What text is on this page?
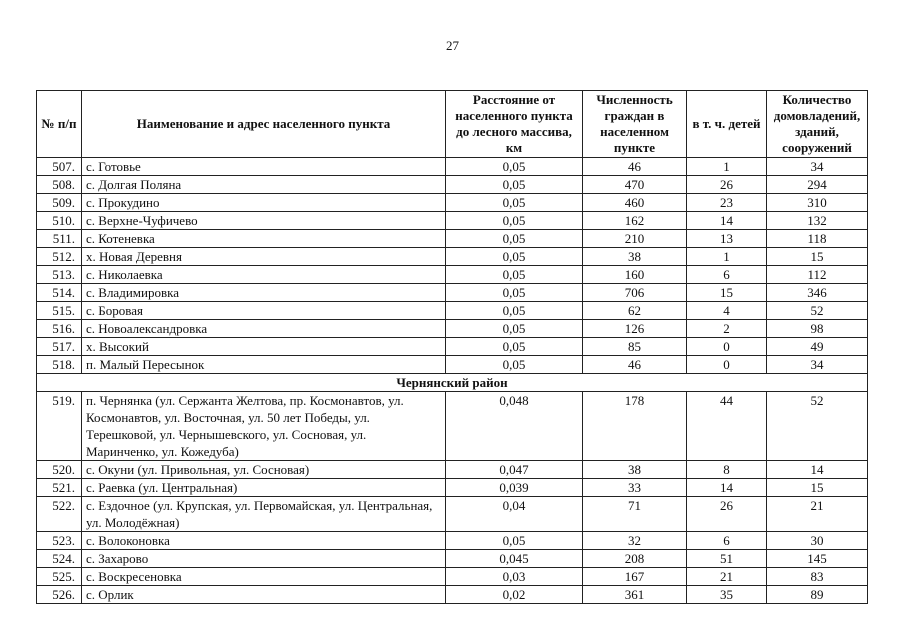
27
№ п/п	Наименование и адрес населенного пункта	Расстояние от населенного пункта до лесного массива, км	Численность граждан в населенном пункте	в т. ч. детей	Количество домовладений, зданий, сооружений
507.	с. Готовье	0,05	46	1	34
508.	с. Долгая Поляна	0,05	470	26	294
509.	с. Прокудино	0,05	460	23	310
510.	с. Верхне-Чуфичево	0,05	162	14	132
511.	с. Котеневка	0,05	210	13	118
512.	х. Новая Деревня	0,05	38	1	15
513.	с. Николаевка	0,05	160	6	112
514.	с. Владимировка	0,05	706	15	346
515.	с. Боровая	0,05	62	4	52
516.	с. Новоалександровка	0,05	126	2	98
517.	х. Высокий	0,05	85	0	49
518.	п. Малый Пересынок	0,05	46	0	34
Чернянский район					
519.	п. Чернянка (ул. Сержанта Желтова, пр. Космонавтов, ул. Космонавтов, ул. Восточная, ул. 50 лет Победы, ул. Терешковой, ул. Чернышевского, ул. Сосновая, ул. Маринченко, ул. Кожедуба)	0,048	178	44	52
520.	с. Окуни (ул. Привольная, ул. Сосновая)	0,047	38	8	14
521.	с. Раевка (ул. Центральная)	0,039	33	14	15
522.	с. Ездочное (ул. Крупская, ул. Первомайская, ул. Центральная, ул. Молодёжная)	0,04	71	26	21
523.	с. Волоконовка	0,05	32	6	30
524.	с. Захарово	0,045	208	51	145
525.	с. Воскресеновка	0,03	167	21	83
526.	с. Орлик	0,02	361	35	89
